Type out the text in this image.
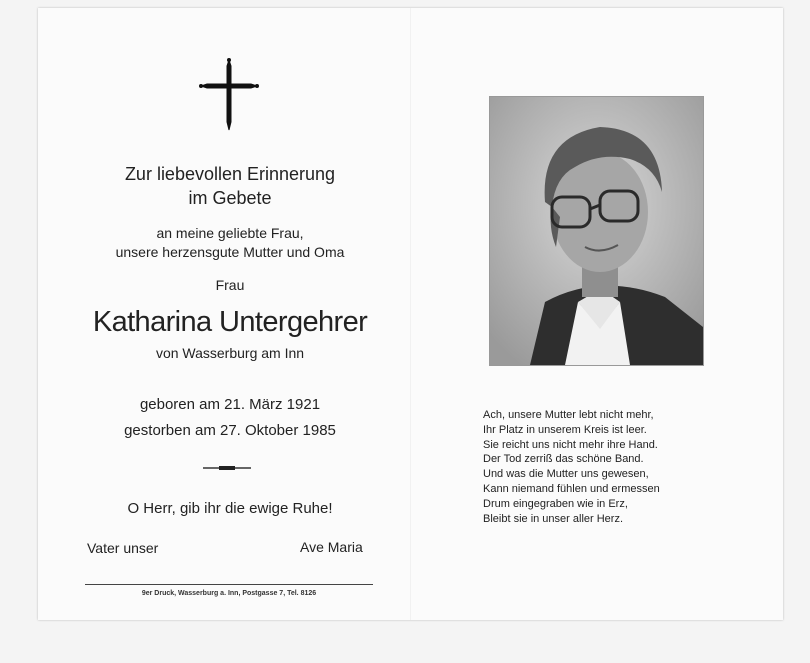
Zur liebevollen Erinnerung
im Gebete
an meine geliebte Frau,
unsere herzensgute Mutter und Oma
Frau
Katharina Untergehrer
von Wasserburg am Inn
geboren am 21. März 1921
gestorben am 27. Oktober 1985
O Herr, gib ihr die ewige Ruhe!
Vater unser	Ave Maria
9er Druck, Wasserburg a. Inn, Postgasse 7, Tel. 8126
Ach, unsere Mutter lebt nicht mehr,
Ihr Platz in unserem Kreis ist leer.
Sie reicht uns nicht mehr ihre Hand.
Der Tod zerriß das schöne Band.
Und was die Mutter uns gewesen,
Kann niemand fühlen und ermessen
Drum eingegraben wie in Erz,
Bleibt sie in unser aller Herz.
